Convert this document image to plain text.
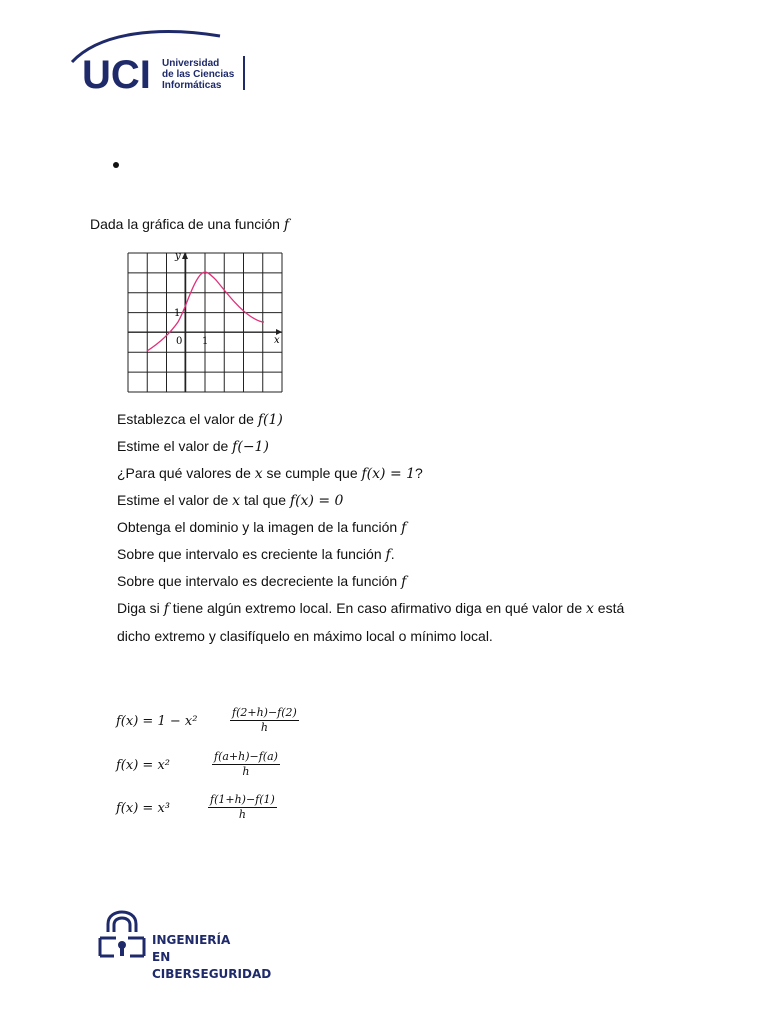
UCI Universidad
de las Ciencias
Informáticas
Dada la gráfica de una función f
y
x
1
0 1
Establezca el valor de f(1)
Estime el valor de f(−1)
¿Para qué valores de x se cumple que f(x) = 1?
Estime el valor de x tal que f(x) = 0
Obtenga el dominio y la imagen de la función f
Sobre que intervalo es creciente la función f.
Sobre que intervalo es decreciente la función f
Diga si f tiene algún extremo local. En caso afirmativo diga en qué valor de x está
dicho extremo y clasifíquelo en máximo local o mínimo local.
f(x) = 1 − x²	$\frac{f(2+h)-f(2)}{h}$
f(x) = x²	$\frac{f(a+h)-f(a)}{h}$
f(x) = x³	$\frac{f(1+h)-f(1)}{h}$
INGENIERÍA
EN CIBERSEGURIDAD
